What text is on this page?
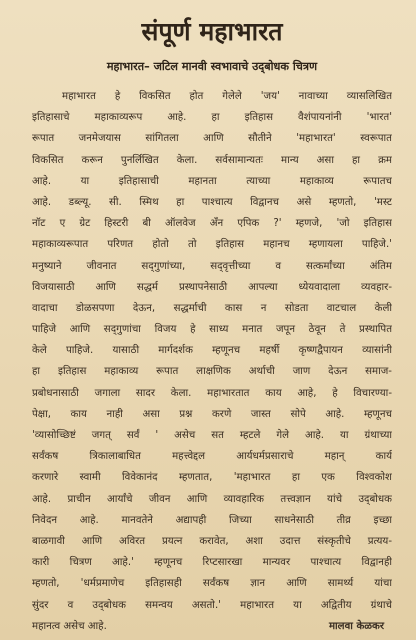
संपूर्ण महाभारत
महाभारत– जटिल मानवी स्वभावाचे उद्‌बोधक चित्रण
महाभारत हे विकसित होत गेलेले 'जय' नावाच्या व्यासलिखित
इतिहासाचे महाकाव्यरूप आहे. हा इतिहास वैशंपायनांनी 'भारत'
रूपात जनमेजयास सांगितला आणि सौतीने 'महाभारत' स्वरूपात
विकसित करून पुनर्लिखित केला. सर्वसामान्यतः मान्य असा हा क्रम
आहे. या इतिहासाची महानता त्याच्या महाकाव्य रूपातच
आहे. डब्ल्यू. सी. स्मिथ हा पाश्चात्य विद्वानच असे म्हणतो, 'मस्ट
नॉट ए ग्रेट हिस्टरी बी ऑलवेज अँन एपिक ?' म्हणजे, 'जो इतिहास
महाकाव्यरूपात परिणत होतो तो इतिहास महानच म्हणायला पाहिजे.'
मनुष्याने जीवनात सद्‌गुणांच्या, सद्‌वृत्तीच्या व सत्कर्मांच्या अंतिम
विजयासाठी आणि सद्धर्म प्रस्थापनेसाठी आपल्या ध्येयवादाला व्यवहार-
वादाचा डोळसपणा देऊन, सद्धर्माची कास न सोडता वाटचाल केली
पाहिजे आणि सद्‌गुणांचा विजय हे साध्य मनात जपून ठेवून ते प्रस्थापित
केले पाहिजे. यासाठी मार्गदर्शक म्हणूनच महर्षी कृष्णद्वैपायन व्यासांनी
हा इतिहास महाकाव्य रूपात लाक्षणिक अर्थाची जाण देऊन समाज-
प्रबोधनासाठी जगाला सादर केला. महाभारतात काय आहे, हे विचारण्या-
पेक्षा, काय नाही असा प्रश्न करणे जास्त सोपे आहे. म्हणूनच
'व्यासोच्छिष्टं जगत् सर्वं ' असेच सत म्हटले गेले आहे. या ग्रंथाच्या
सर्वंकष त्रिकालाबाधित महत्त्वेद्दल आर्यधर्मप्रसाराचे महान् कार्य
करणारे स्वामी विवेकानंद म्हणतात, 'महाभारत हा एक विश्वकोश
आहे. प्राचीन आर्यांचे जीवन आणि व्यावहारिक तत्त्वज्ञान यांचे उद्‌बोधक
निवेदन आहे. मानवतेने अद्यापही जिच्या साधनेसाठी तीव्र इच्छा
बाळगावी आणि अविरत प्रयत्न करावेत, अशा उदात्त संस्कृतीचे प्रत्यय-
कारी चित्रण आहे.' म्हणूनच रिप्टसारखा मान्यवर पाश्चात्य विद्वानही
म्हणतो, 'धर्मप्रमाणेच इतिहासही सर्वंकष ज्ञान आणि सामर्थ्य यांचा
सुंदर व उद्‌बोधक समन्वय असतो.' महाभारत या अद्वितीय ग्रंथाचे
महानत्व असेच आहे.	मालवा केळकर
